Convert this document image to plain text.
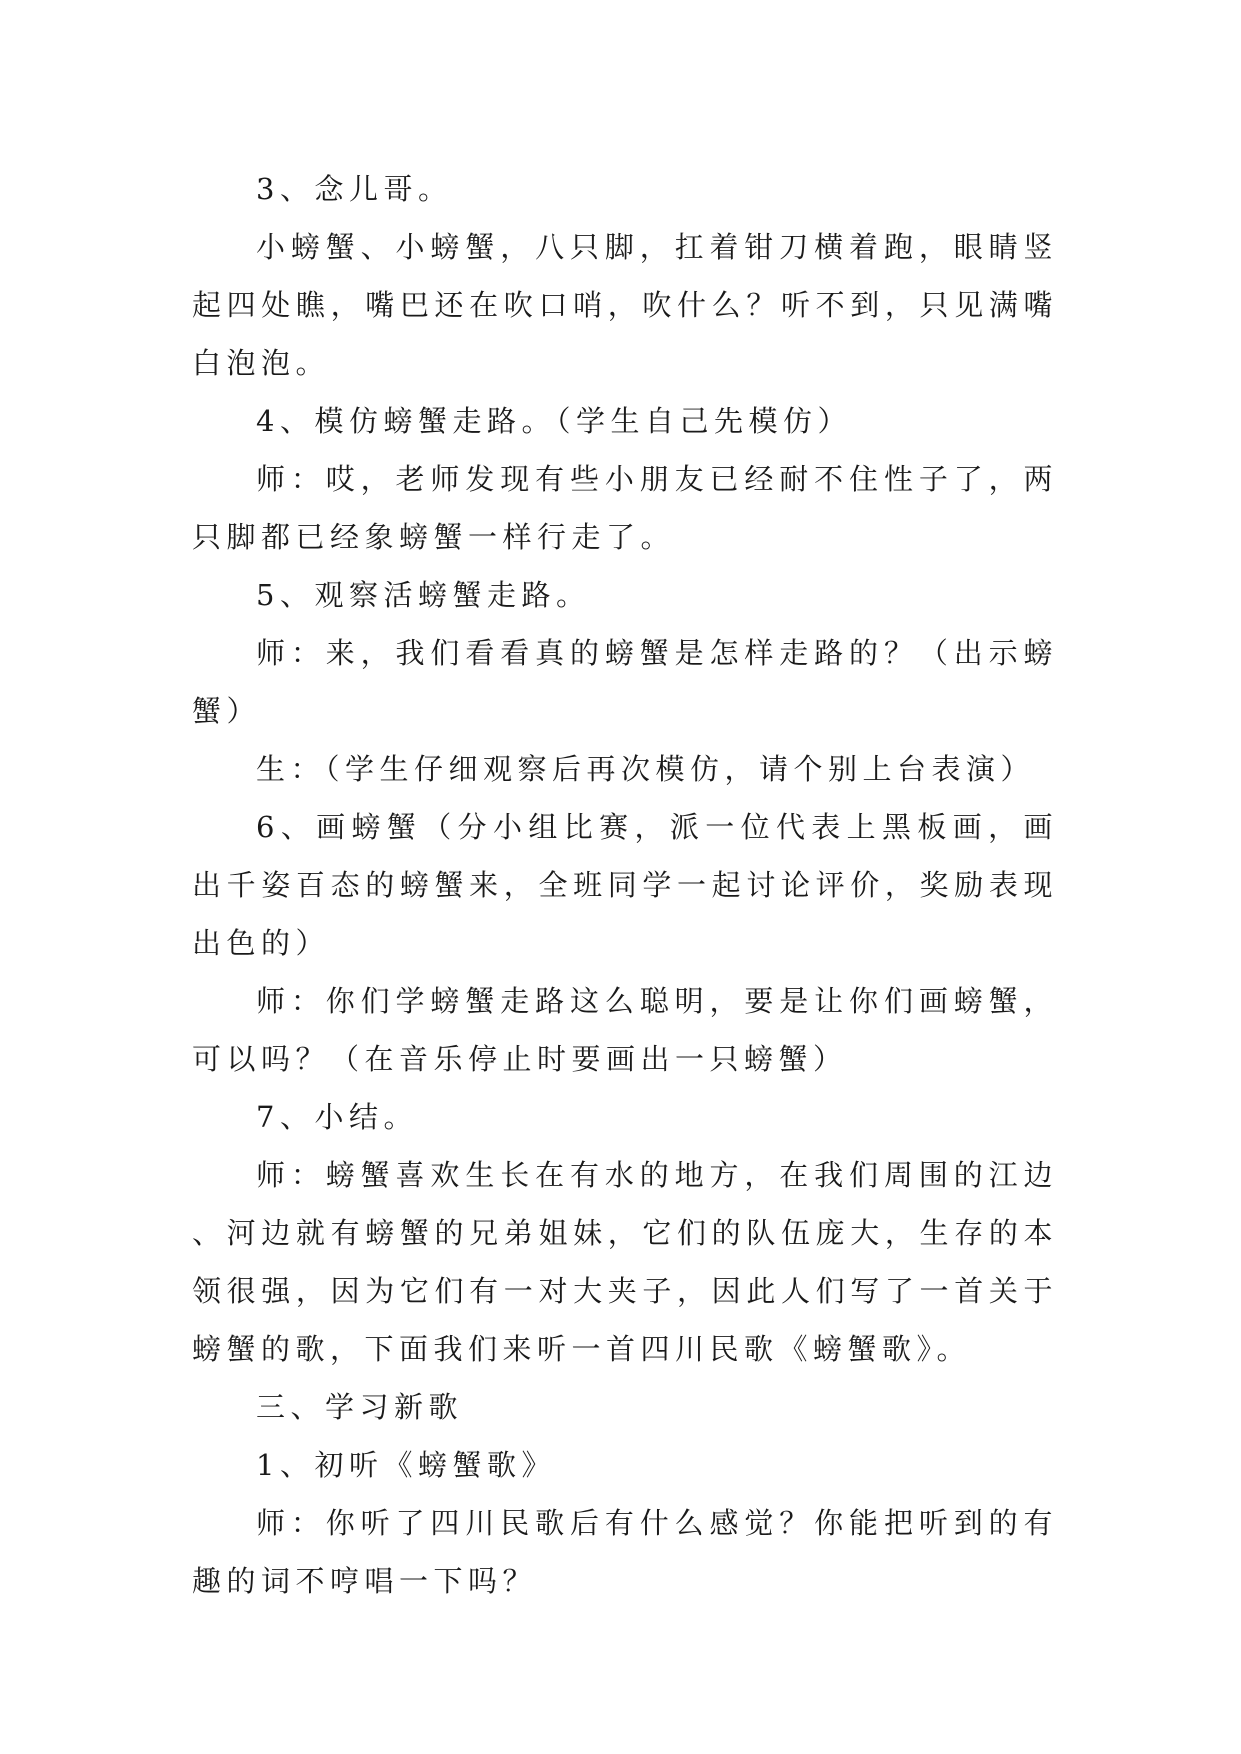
3、念儿哥。

小螃蟹、小螃蟹，八只脚，扛着钳刀横着跑，眼睛竖起四处瞧，嘴巴还在吹口哨，吹什么？听不到，只见满嘴白泡泡。

4、模仿螃蟹走路。（学生自己先模仿）

师：哎，老师发现有些小朋友已经耐不住性子了，两只脚都已经象螃蟹一样行走了。

5、观察活螃蟹走路。

师：来，我们看看真的螃蟹是怎样走路的？（出示螃蟹）

生：（学生仔细观察后再次模仿，请个别上台表演）

6、画螃蟹（分小组比赛，派一位代表上黑板画，画出千姿百态的螃蟹来，全班同学一起讨论评价，奖励表现出色的）

师：你们学螃蟹走路这么聪明，要是让你们画螃蟹，可以吗？（在音乐停止时要画出一只螃蟹）

7、小结。

师：螃蟹喜欢生长在有水的地方，在我们周围的江边、河边就有螃蟹的兄弟姐妹，它们的队伍庞大，生存的本领很强，因为它们有一对大夹子，因此人们写了一首关于螃蟹的歌，下面我们来听一首四川民歌《螃蟹歌》。

三、学习新歌

1、初听《螃蟹歌》

师：你听了四川民歌后有什么感觉？你能把听到的有趣的词不哼唱一下吗？
